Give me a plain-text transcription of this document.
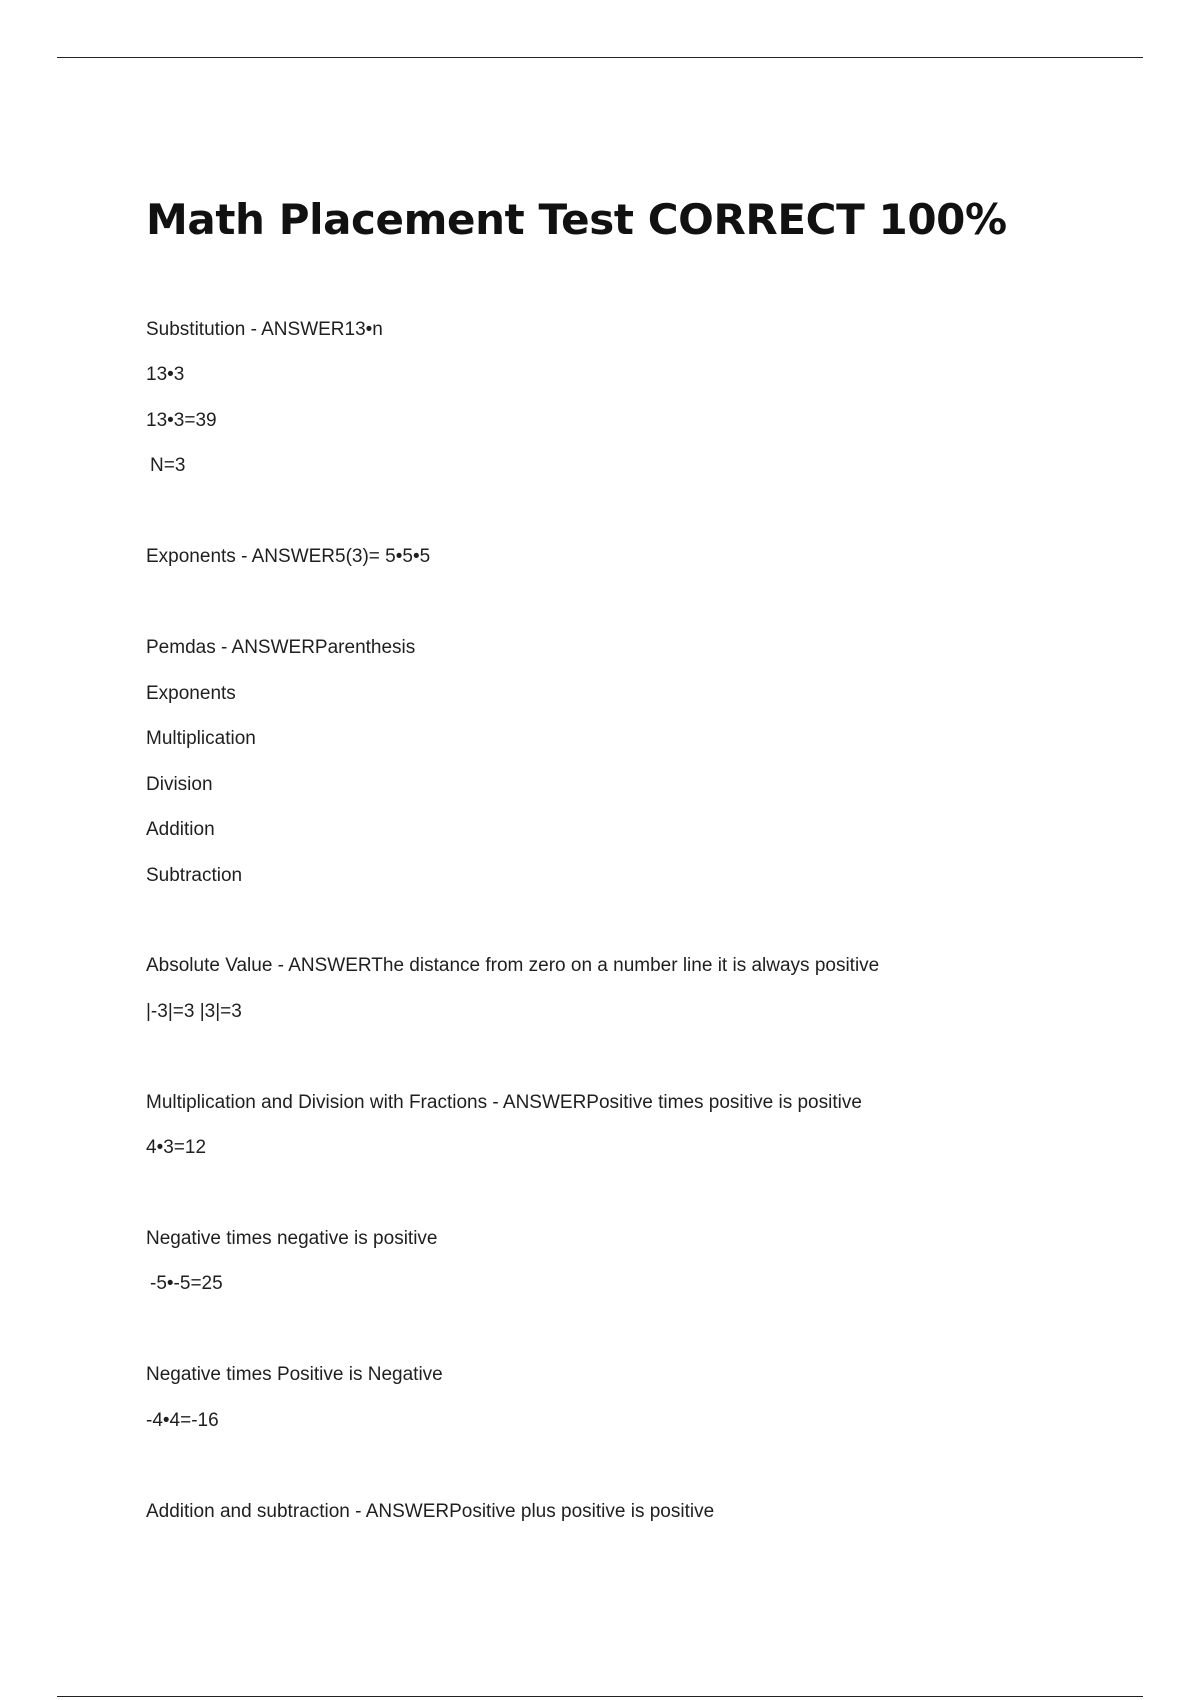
Math Placement Test CORRECT 100%

Substitution - ANSWER13•n

13•3

13•3=39

N=3

Exponents - ANSWER5(3)= 5•5•5

Pemdas - ANSWERParenthesis

Exponents

Multiplication

Division

Addition

Subtraction

Absolute Value - ANSWERThe distance from zero on a number line it is always positive

|-3|=3 |3|=3

Multiplication and Division with Fractions - ANSWERPositive times positive is positive

4•3=12

Negative times negative is positive

-5•-5=25

Negative times Positive is Negative

-4•4=-16

Addition and subtraction - ANSWERPositive plus positive is positive
